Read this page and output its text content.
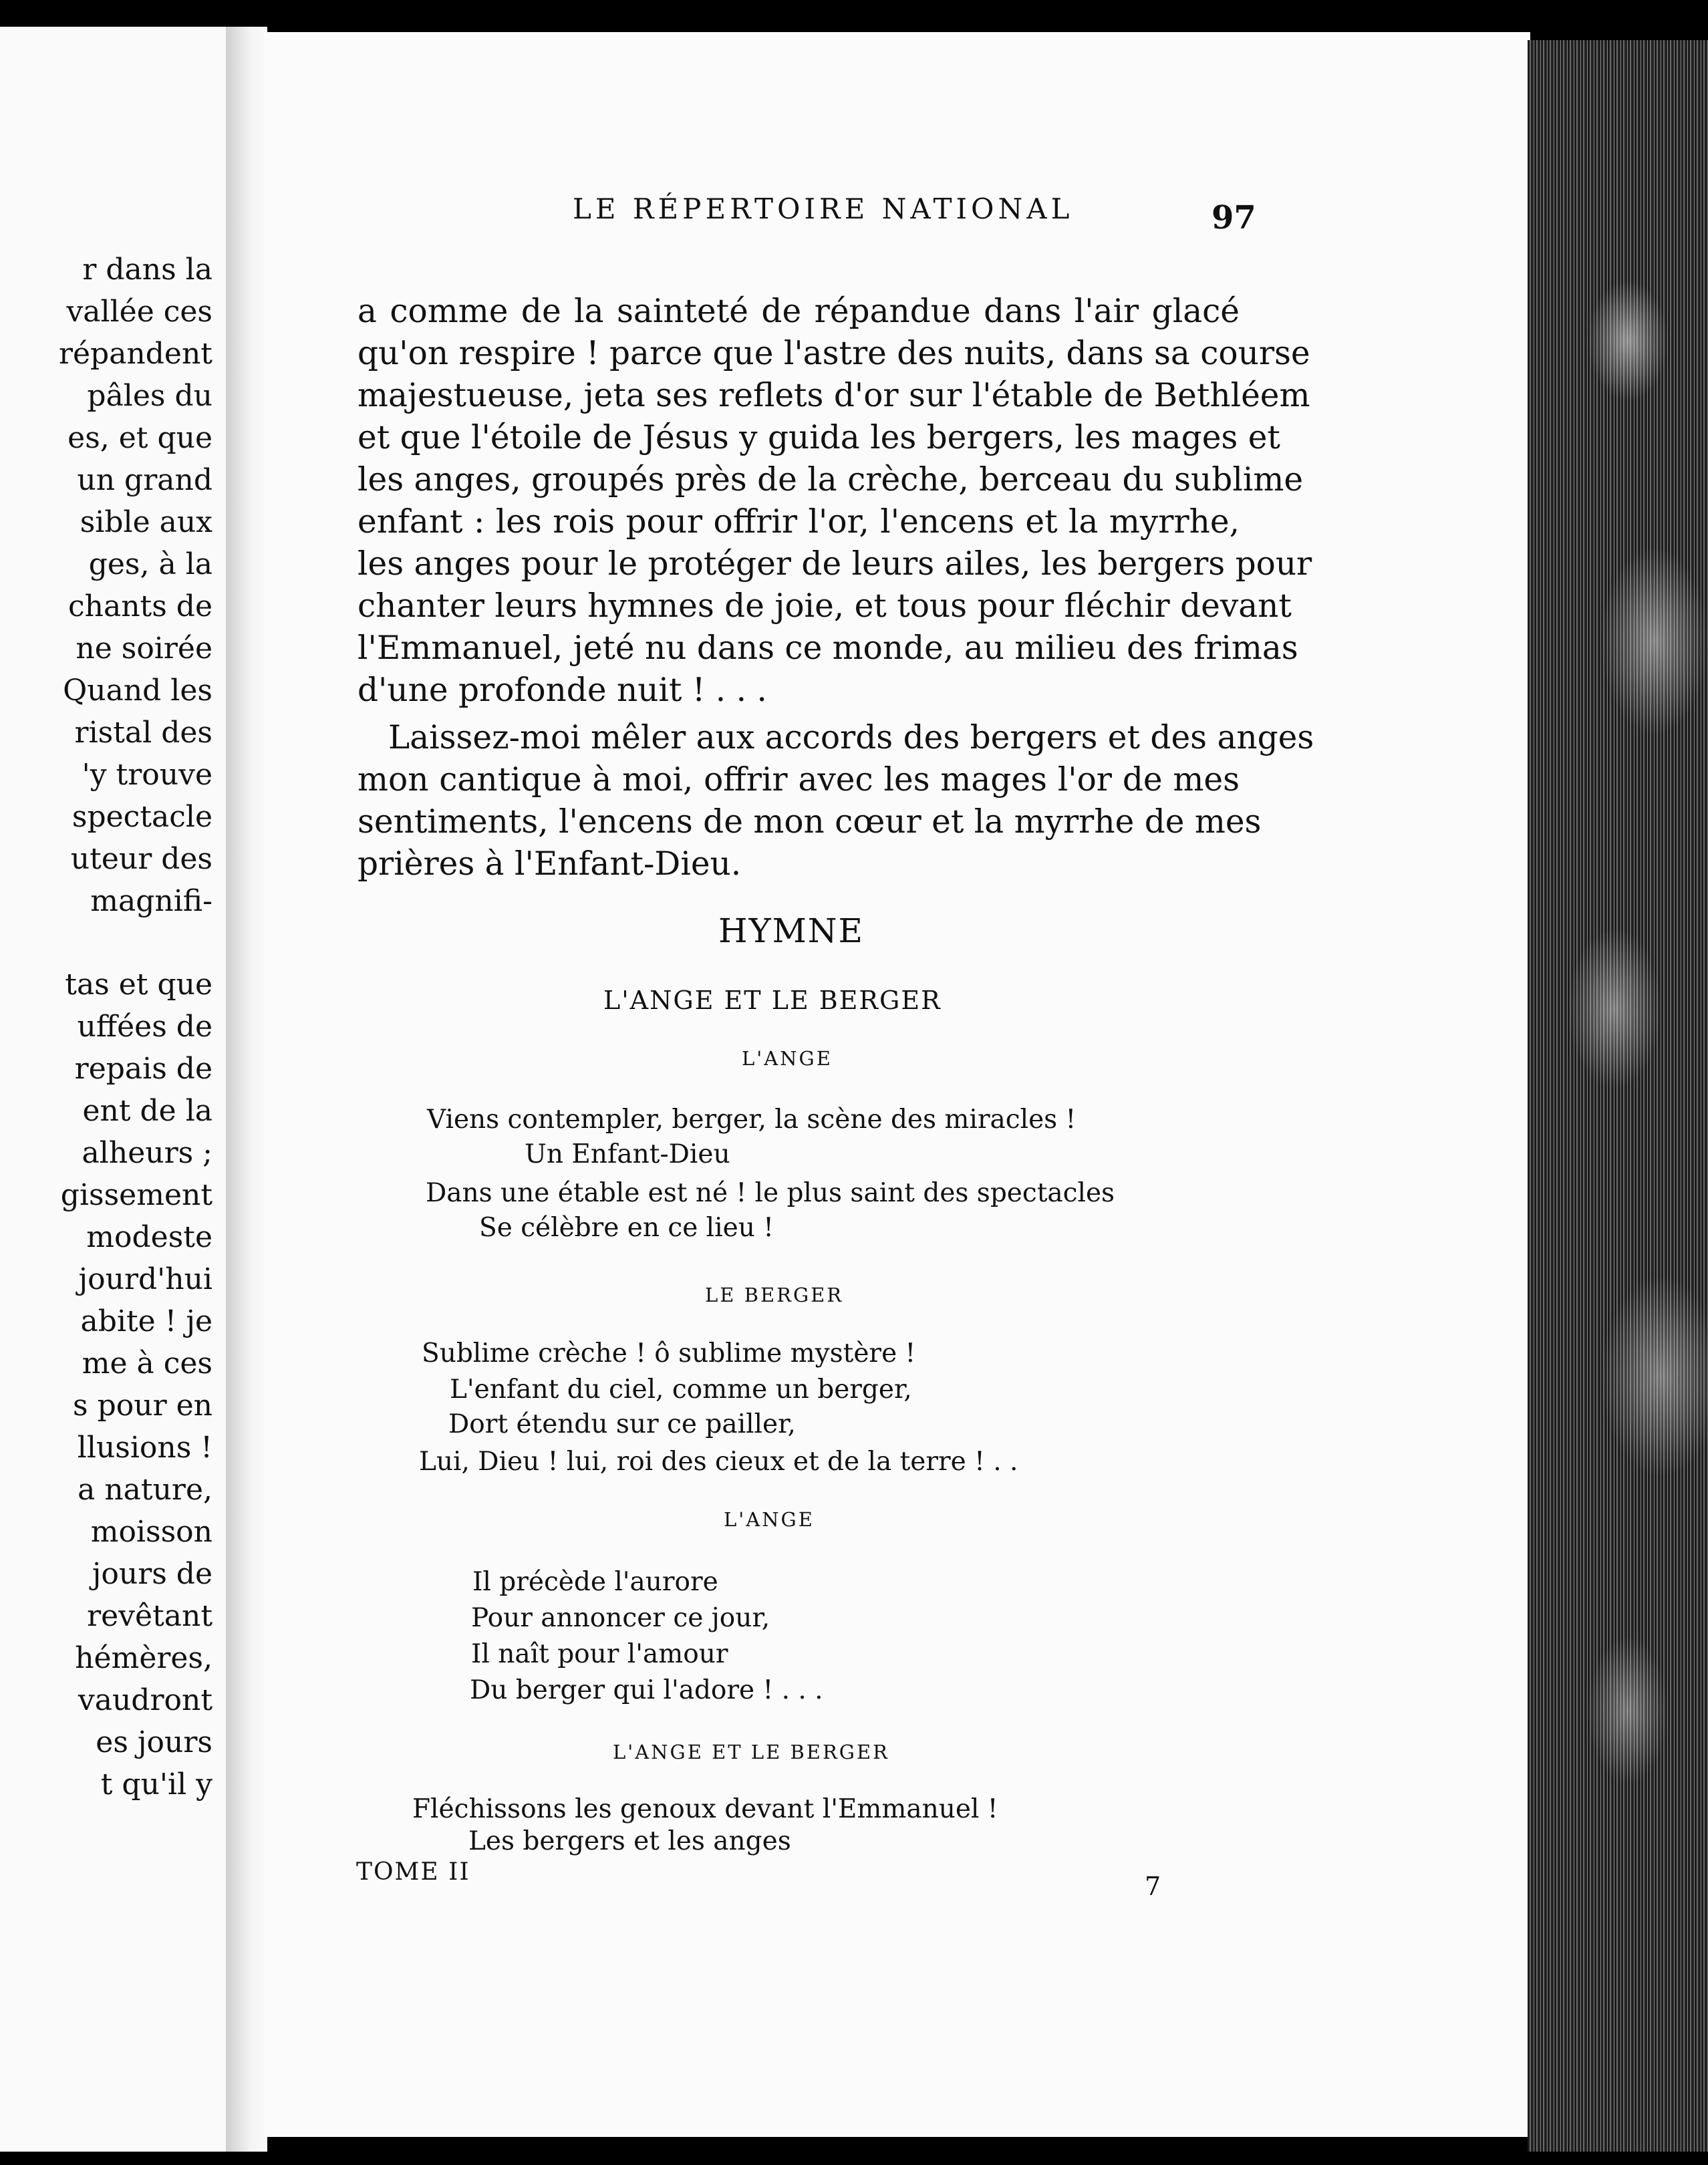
r dans la
vallée ces
répandent
pâles du
es, et que
un grand
sible aux
ges, à la
chants de
ne soirée
Quand les
ristal des
'y trouve
spectacle
uteur des
magnifi-
tas et que
uffées de
repais de
ent de la
alheurs ;
gissement
modeste
jourd'hui
abite ! je
me à ces
s pour en
llusions !
a nature,
moisson
jours de
revêtant
hémères,
vaudront
es jours
t qu'il y
LE RÉPERTOIRE NATIONAL	97
a comme de la sainteté de répandue dans l'air glacé
qu'on respire ! parce que l'astre des nuits, dans sa course
majestueuse, jeta ses reflets d'or sur l'étable de Bethléem
et que l'étoile de Jésus y guida les bergers, les mages et
les anges, groupés près de la crèche, berceau du sublime
enfant : les rois pour offrir l'or, l'encens et la myrrhe,
les anges pour le protéger de leurs ailes, les bergers pour
chanter leurs hymnes de joie, et tous pour fléchir devant
l'Emmanuel, jeté nu dans ce monde, au milieu des frimas
d'une profonde nuit ! . . .
Laissez-moi mêler aux accords des bergers et des anges
mon cantique à moi, offrir avec les mages l'or de mes
sentiments, l'encens de mon cœur et la myrrhe de mes
prières à l'Enfant-Dieu.
HYMNE
L'ANGE ET LE BERGER
L'ANGE
Viens contempler, berger, la scène des miracles !
Un Enfant-Dieu
Dans une étable est né ! le plus saint des spectacles
Se célèbre en ce lieu !
LE BERGER
Sublime crèche ! ô sublime mystère !
L'enfant du ciel, comme un berger,
Dort étendu sur ce pailler,
Lui, Dieu ! lui, roi des cieux et de la terre ! . .
L'ANGE
Il précède l'aurore
Pour annoncer ce jour,
Il naît pour l'amour
Du berger qui l'adore ! . . .
L'ANGE ET LE BERGER
Fléchissons les genoux devant l'Emmanuel !
Les bergers et les anges
TOME II	7
